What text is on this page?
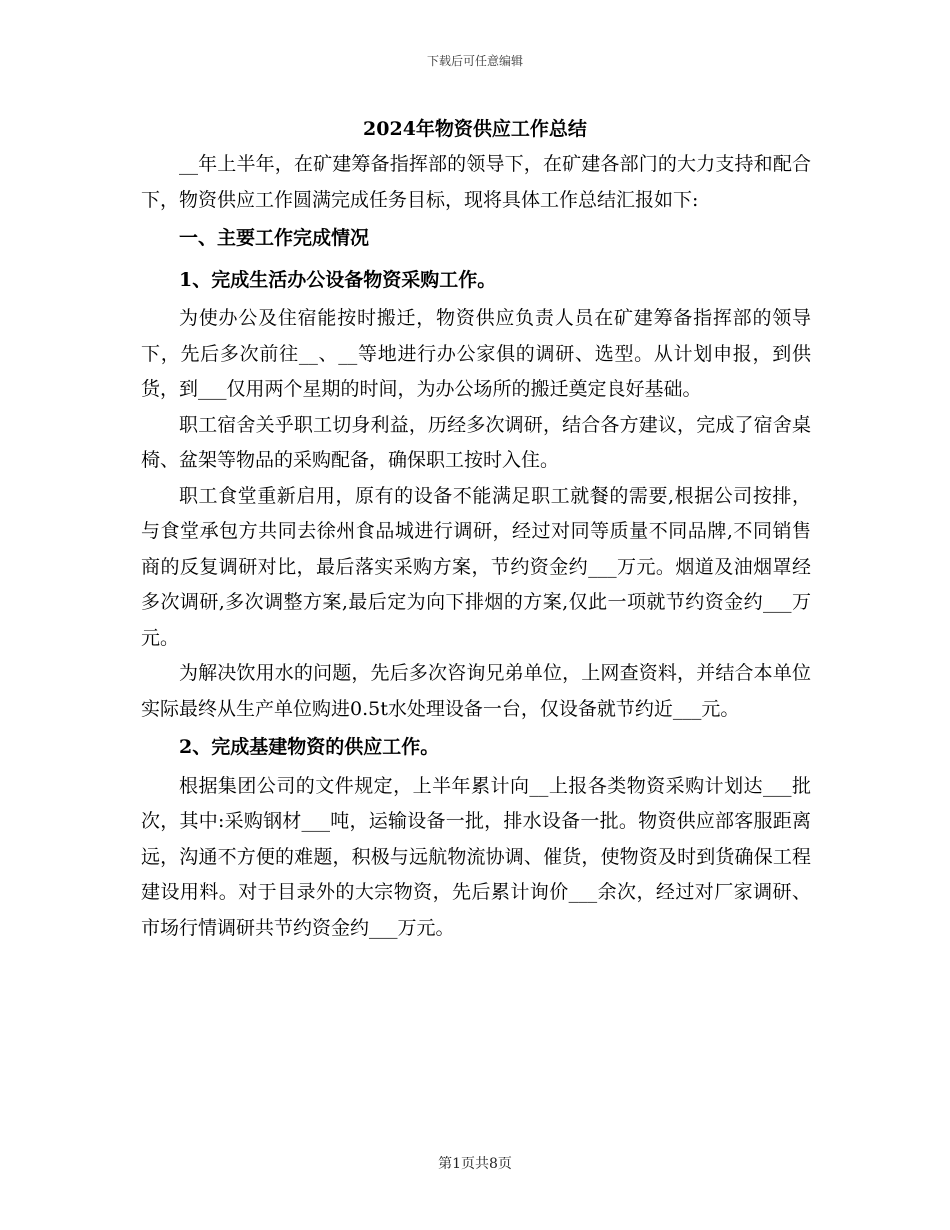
下载后可任意编辑
2024年物资供应工作总结

__年上半年，在矿建筹备指挥部的领导下，在矿建各部门的大力支持和配合下，物资供应工作圆满完成任务目标，现将具体工作总结汇报如下:

一、主要工作完成情况

1、完成生活办公设备物资采购工作。

为使办公及住宿能按时搬迁，物资供应负责人员在矿建筹备指挥部的领导下，先后多次前往__、__等地进行办公家俱的调研、选型。从计划申报，到供货，到___仅用两个星期的时间，为办公场所的搬迁奠定良好基础。

职工宿舍关乎职工切身利益，历经多次调研，结合各方建议，完成了宿舍桌椅、盆架等物品的采购配备，确保职工按时入住。

职工食堂重新启用，原有的设备不能满足职工就餐的需要,根据公司按排，与食堂承包方共同去徐州食品城进行调研，经过对同等质量不同品牌,不同销售商的反复调研对比，最后落实采购方案，节约资金约___万元。烟道及油烟罩经多次调研,多次调整方案,最后定为向下排烟的方案,仅此一项就节约资金约___万元。

为解决饮用水的问题，先后多次咨询兄弟单位，上网查资料，并结合本单位实际最终从生产单位购进0.5t水处理设备一台，仅设备就节约近___元。

2、完成基建物资的供应工作。

根据集团公司的文件规定，上半年累计向__上报各类物资采购计划达___批次，其中:采购钢材___吨，运输设备一批，排水设备一批。物资供应部客服距离远，沟通不方便的难题，积极与远航物流协调、催货，使物资及时到货确保工程建设用料。对于目录外的大宗物资，先后累计询价___余次，经过对厂家调研、市场行情调研共节约资金约___万元。

第1页共8页
